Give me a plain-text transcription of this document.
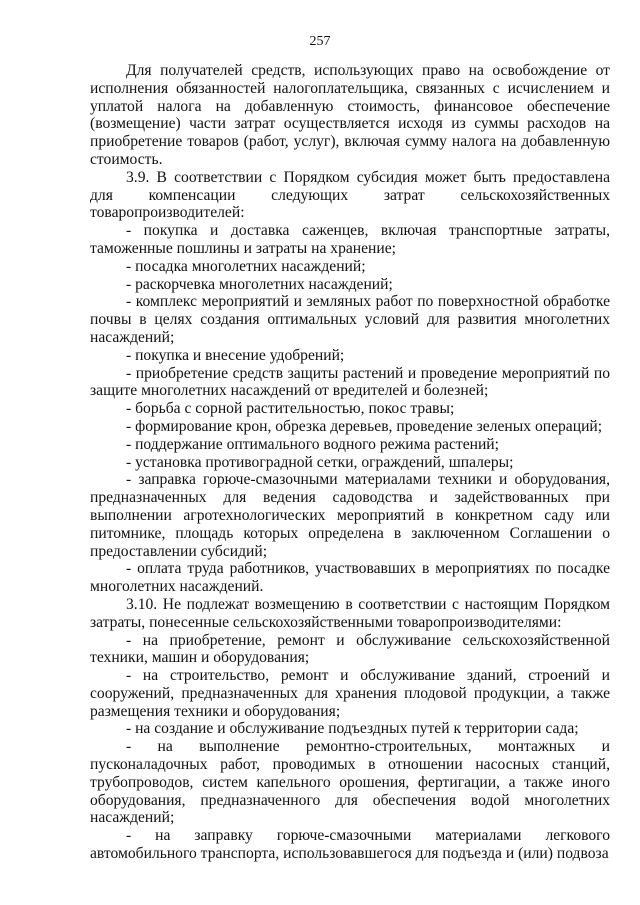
257

Для получателей средств, использующих право на освобождение от исполнения обязанностей налогоплательщика, связанных с исчислением и уплатой налога на добавленную стоимость, финансовое обеспечение (возмещение) части затрат осуществляется исходя из суммы расходов на приобретение товаров (работ, услуг), включая сумму налога на добавленную стоимость.

3.9. В соответствии с Порядком субсидия может быть предоставлена для компенсации следующих затрат сельскохозяйственных товаропроизводителей:

- покупка и доставка саженцев, включая транспортные затраты, таможенные пошлины и затраты на хранение;

- посадка многолетних насаждений;

- раскорчевка многолетних насаждений;

- комплекс мероприятий и земляных работ по поверхностной обработке почвы в целях создания оптимальных условий для развития многолетних насаждений;

- покупка и внесение удобрений;

- приобретение средств защиты растений и проведение мероприятий по защите многолетних насаждений от вредителей и болезней;

- борьба с сорной растительностью, покос травы;

- формирование крон, обрезка деревьев, проведение зеленых операций;

- поддержание оптимального водного режима растений;

- установка противоградной сетки, ограждений, шпалеры;

- заправка горюче-смазочными материалами техники и оборудования, предназначенных для ведения садоводства и задействованных при выполнении агротехнологических мероприятий в конкретном саду или питомнике, площадь которых определена в заключенном Соглашении о предоставлении субсидий;

- оплата труда работников, участвовавших в мероприятиях по посадке многолетних насаждений.

3.10. Не подлежат возмещению в соответствии с настоящим Порядком затраты, понесенные сельскохозяйственными товаропроизводителями:

- на приобретение, ремонт и обслуживание сельскохозяйственной техники, машин и оборудования;

- на строительство, ремонт и обслуживание зданий, строений и сооружений, предназначенных для хранения плодовой продукции, а также размещения техники и оборудования;

- на создание и обслуживание подъездных путей к территории сада;

- на выполнение ремонтно-строительных, монтажных и пусконаладочных работ, проводимых в отношении насосных станций, трубопроводов, систем капельного орошения, фертигации, а также иного оборудования, предназначенного для обеспечения водой многолетних насаждений;

- на заправку горюче-смазочными материалами легкового автомобильного транспорта, использовавшегося для подъезда и (или) подвоза
